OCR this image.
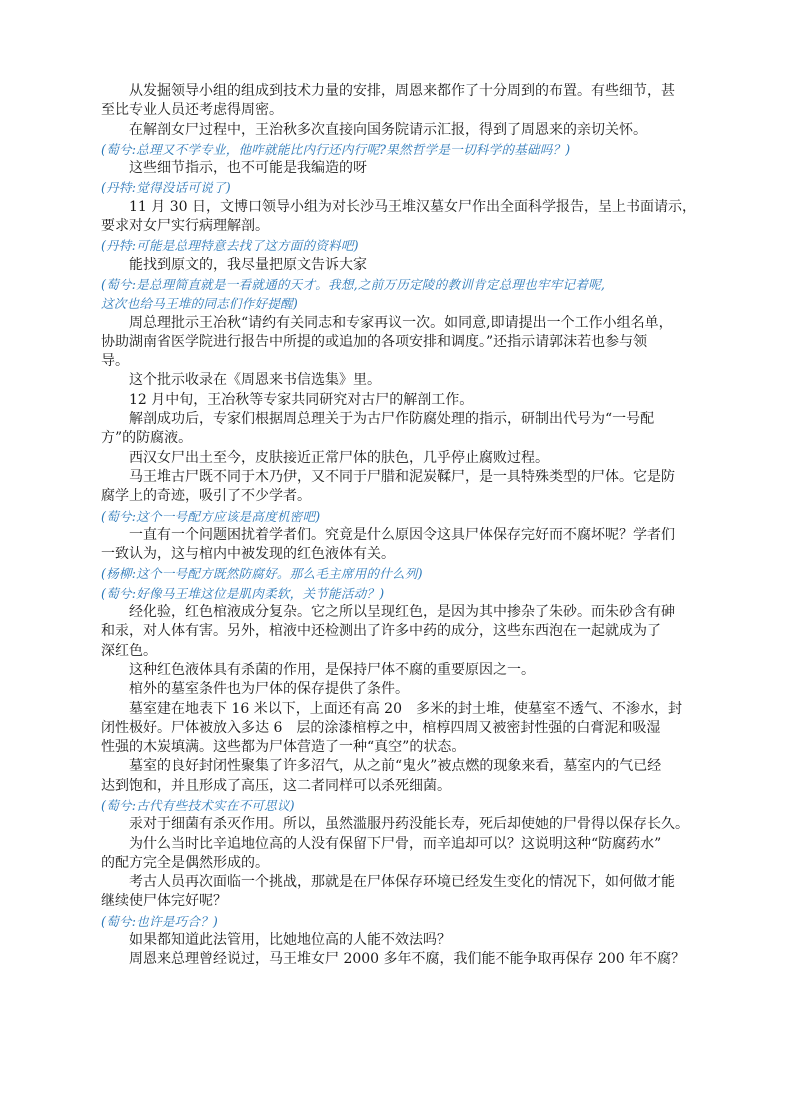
从发掘领导小组的组成到技术力量的安排，周恩来都作了十分周到的布置。有些细节，甚
至比专业人员还考虑得周密。
在解剖女尸过程中，王治秋多次直接向国务院请示汇报，得到了周恩来的亲切关怀。
(萄兮:总理又不学专业，他咋就能比内行还内行呢?果然哲学是一切科学的基础吗？)
这些细节指示，也不可能是我编造的呀
(丹特:觉得没话可说了)
11 月 30 日，文博口领导小组为对长沙马王堆汉墓女尸作出全面科学报告，呈上书面请示，
要求对女尸实行病理解剖。
(丹特:可能是总理特意去找了这方面的资料吧)
能找到原文的，我尽量把原文告诉大家
(萄兮:是总理简直就是一看就通的天才。我想,之前万历定陵的教训肯定总理也牢牢记着呢,
这次也给马王堆的同志们作好提醒)
周总理批示王冶秋“请约有关同志和专家再议一次。如同意,即请提出一个工作小组名单，
协助湖南省医学院进行报告中所提的或追加的各项安排和调度。”还指示请郭沫若也参与领
导。
这个批示收录在《周恩来书信选集》里。
12 月中旬，王冶秋等专家共同研究对古尸的解剖工作。
解剖成功后，专家们根据周总理关于为古尸作防腐处理的指示，研制出代号为“一号配
方”的防腐液。
西汉女尸出土至今，皮肤接近正常尸体的肤色，几乎停止腐败过程。
马王堆古尸既不同于木乃伊，又不同于尸腊和泥炭鞣尸，是一具特殊类型的尸体。它是防
腐学上的奇迹，吸引了不少学者。
(萄兮:这个一号配方应该是高度机密吧)
一直有一个问题困扰着学者们。究竟是什么原因令这具尸体保存完好而不腐坏呢？学者们
一致认为，这与棺内中被发现的红色液体有关。
(杨柳:这个一号配方既然防腐好。那么毛主席用的什么列)
(萄兮:好像马王堆这位是肌肉柔软，关节能活动？)
经化验，红色棺液成分复杂。它之所以呈现红色，是因为其中掺杂了朱砂。而朱砂含有砷
和汞，对人体有害。另外，棺液中还检测出了许多中药的成分，这些东西泡在一起就成为了
深红色。
这种红色液体具有杀菌的作用，是保持尸体不腐的重要原因之一。
棺外的墓室条件也为尸体的保存提供了条件。
墓室建在地表下 16 米以下，上面还有高 20　多米的封土堆，使墓室不透气、不渗水，封
闭性极好。尸体被放入多达 6　层的涂漆棺椁之中，棺椁四周又被密封性强的白膏泥和吸湿
性强的木炭填满。这些都为尸体营造了一种“真空”的状态。
墓室的良好封闭性聚集了许多沼气，从之前“鬼火”被点燃的现象来看，墓室内的气已经
达到饱和，并且形成了高压，这二者同样可以杀死细菌。
(萄兮:古代有些技术实在不可思议)
汞对于细菌有杀灭作用。所以，虽然滥服丹药没能长寿，死后却使她的尸骨得以保存长久。
为什么当时比辛追地位高的人没有保留下尸骨，而辛追却可以？这说明这种“防腐药水”
的配方完全是偶然形成的。
考古人员再次面临一个挑战，那就是在尸体保存环境已经发生变化的情况下，如何做才能
继续使尸体完好呢？
(萄兮:也许是巧合？)
如果都知道此法管用，比她地位高的人能不效法吗？
周恩来总理曾经说过，马王堆女尸 2000 多年不腐，我们能不能争取再保存 200 年不腐？
